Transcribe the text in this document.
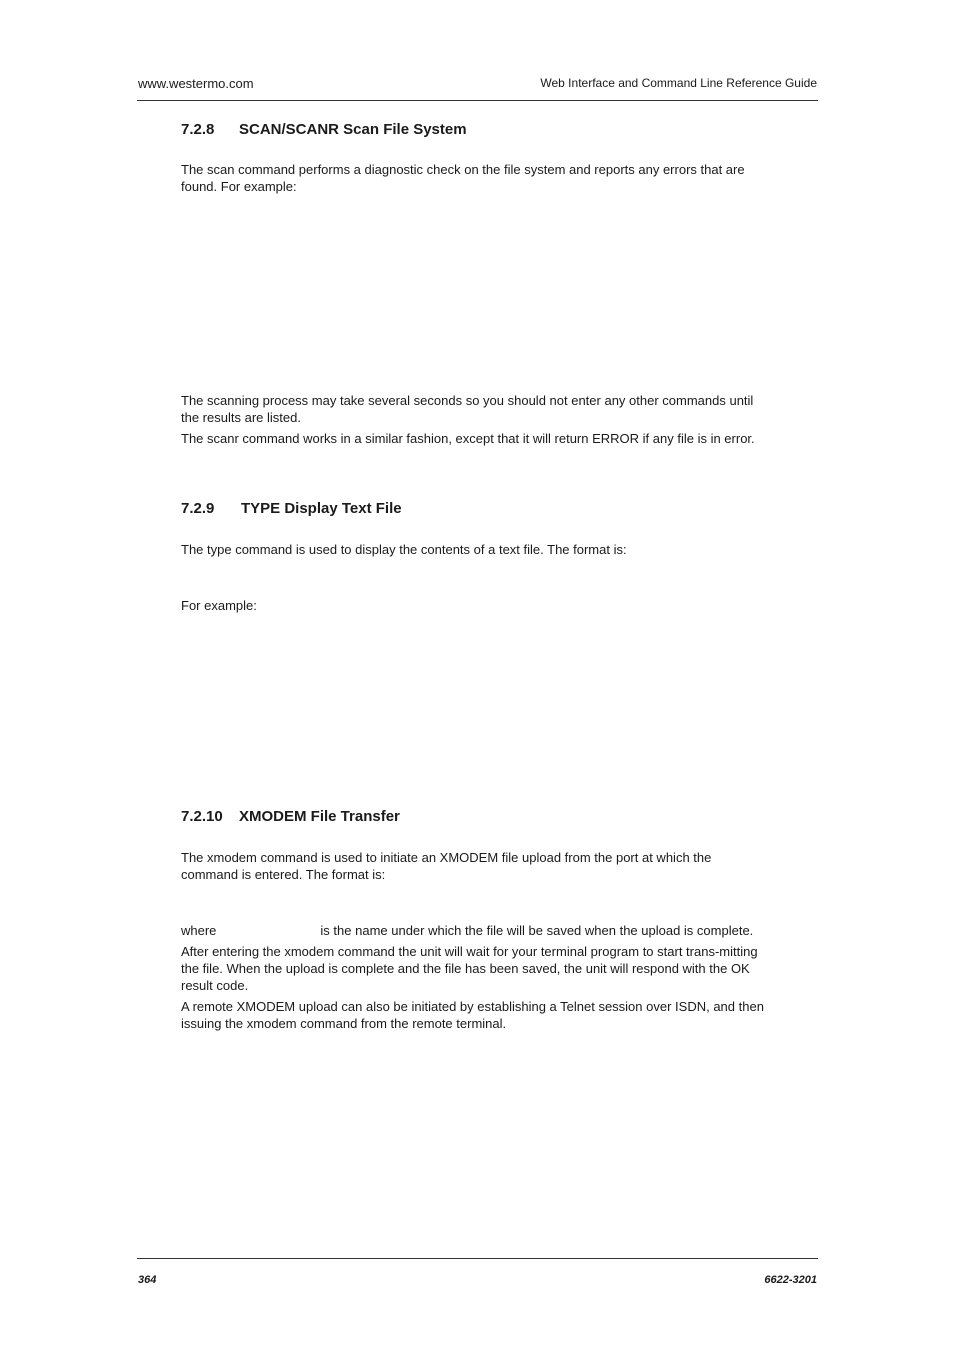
www.westermo.com	Web Interface and Command Line Reference Guide
7.2.8 SCAN/SCANR Scan File System
The scan command performs a diagnostic check on the file system and reports any errors that are found. For example:
The scanning process may take several seconds so you should not enter any other commands until the results are listed.
The scanr command works in a similar fashion, except that it will return ERROR if any file is in error.
7.2.9 TYPE Display Text File
The type command is used to display the contents of a text file. The format is:
For example:
7.2.10 XMODEM File Transfer
The xmodem command is used to initiate an XMODEM file upload from the port at which the command is entered. The format is:
where	is the name under which the file will be saved when the upload is complete.
After entering the xmodem command the unit will wait for your terminal program to start trans-mitting the file. When the upload is complete and the file has been saved, the unit will respond with the OK result code.
A remote XMODEM upload can also be initiated by establishing a Telnet session over ISDN, and then issuing the xmodem command from the remote terminal.
364	6622-3201
